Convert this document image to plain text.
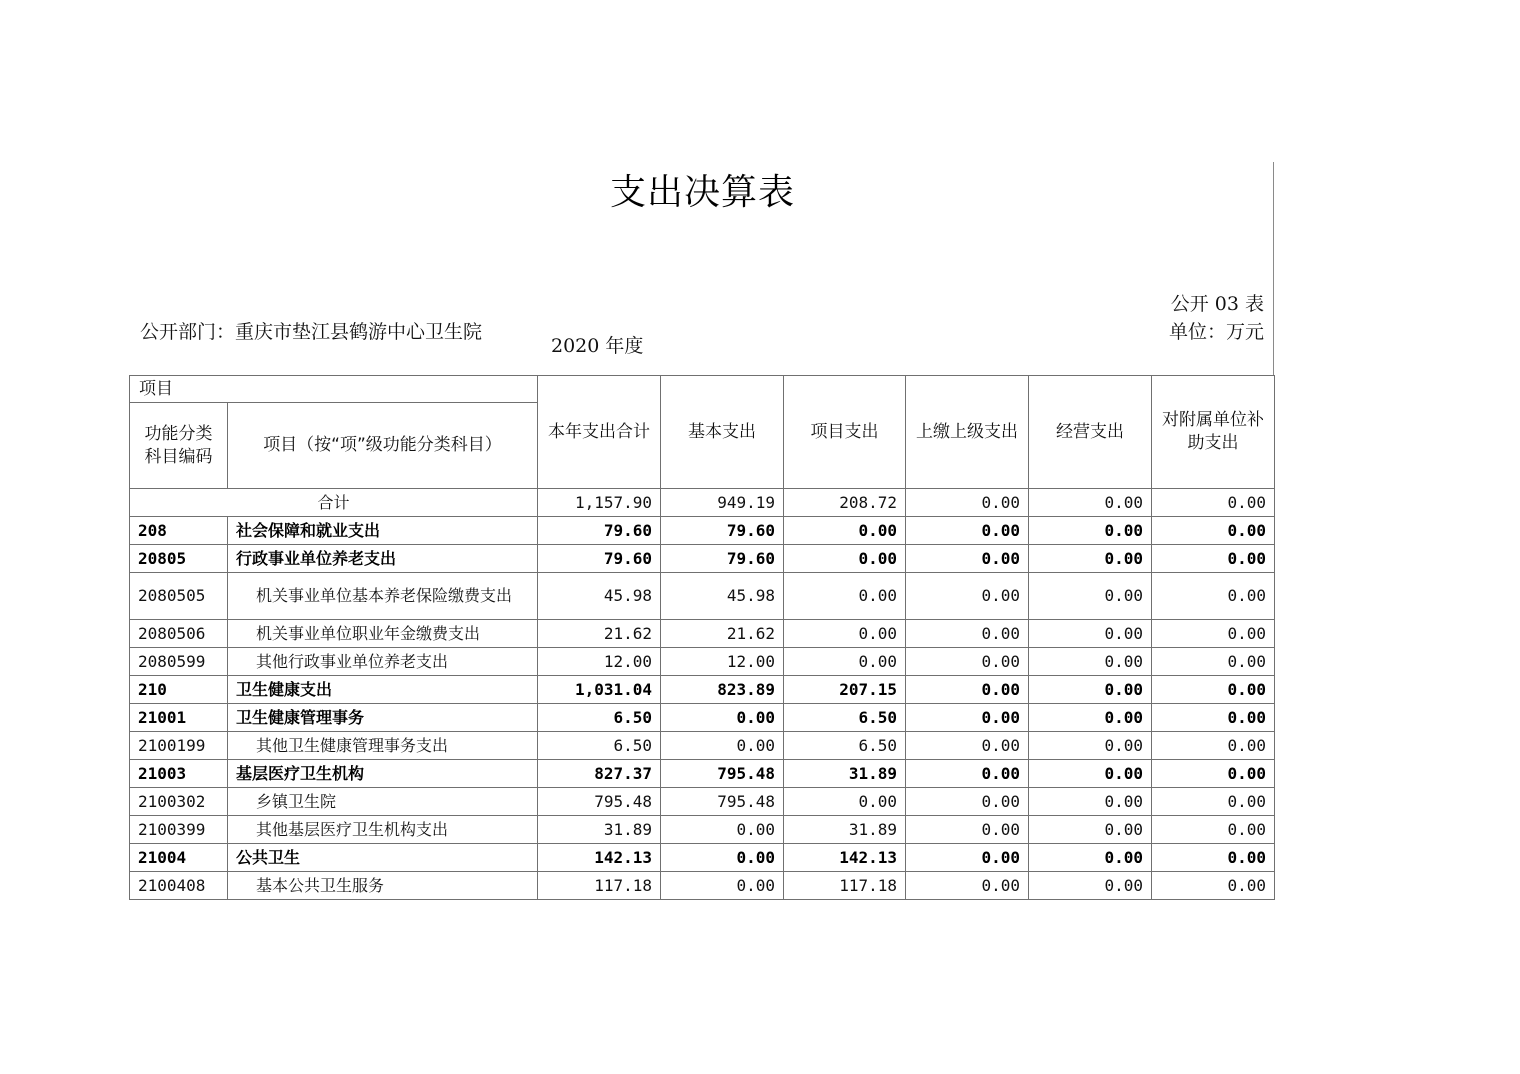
支出决算表
公开部门：重庆市垫江县鹤游中心卫生院
2020 年度
公开 03 表
单位：万元
项目		本年支出合计	基本支出	项目支出	上缴上级支出	经营支出	对附属单位补助支出
功能分类科目编码	项目（按“项”级功能分类科目）						
合计		1,157.90	949.19	208.72	0.00	0.00	0.00
208	社会保障和就业支出	79.60	79.60	0.00	0.00	0.00	0.00
20805	行政事业单位养老支出	79.60	79.60	0.00	0.00	0.00	0.00
2080505	机关事业单位基本养老保险缴费支出	45.98	45.98	0.00	0.00	0.00	0.00
2080506	机关事业单位职业年金缴费支出	21.62	21.62	0.00	0.00	0.00	0.00
2080599	其他行政事业单位养老支出	12.00	12.00	0.00	0.00	0.00	0.00
210	卫生健康支出	1,031.04	823.89	207.15	0.00	0.00	0.00
21001	卫生健康管理事务	6.50	0.00	6.50	0.00	0.00	0.00
2100199	其他卫生健康管理事务支出	6.50	0.00	6.50	0.00	0.00	0.00
21003	基层医疗卫生机构	827.37	795.48	31.89	0.00	0.00	0.00
2100302	乡镇卫生院	795.48	795.48	0.00	0.00	0.00	0.00
2100399	其他基层医疗卫生机构支出	31.89	0.00	31.89	0.00	0.00	0.00
21004	公共卫生	142.13	0.00	142.13	0.00	0.00	0.00
2100408	基本公共卫生服务	117.18	0.00	117.18	0.00	0.00	0.00
